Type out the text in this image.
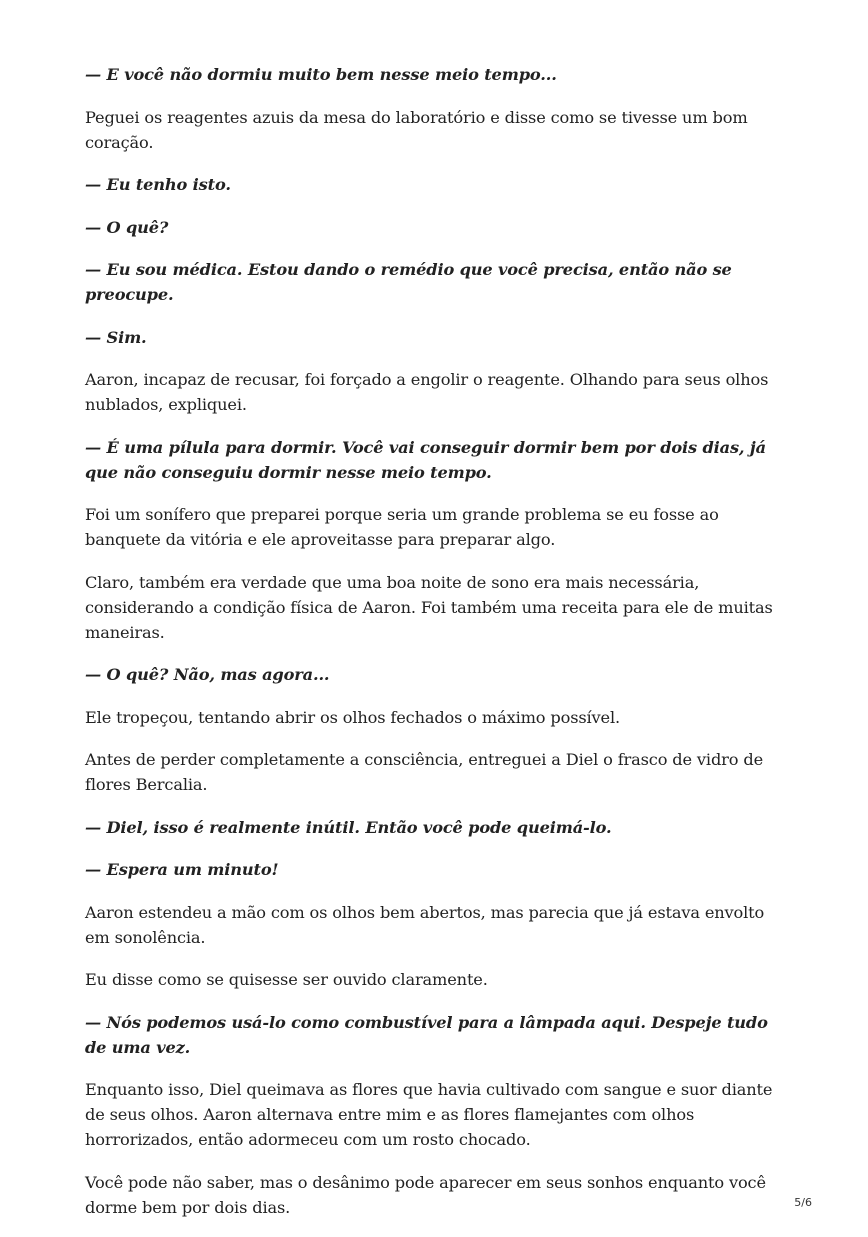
— E você não dormiu muito bem nesse meio tempo...

Peguei os reagentes azuis da mesa do laboratório e disse como se tivesse um bom coração.

— Eu tenho isto.

— O quê?

— Eu sou médica. Estou dando o remédio que você precisa, então não se preocupe.

— Sim.

Aaron, incapaz de recusar, foi forçado a engolir o reagente. Olhando para seus olhos nublados, expliquei.

— É uma pílula para dormir. Você vai conseguir dormir bem por dois dias, já que não conseguiu dormir nesse meio tempo.

Foi um sonífero que preparei porque seria um grande problema se eu fosse ao banquete da vitória e ele aproveitasse para preparar algo.

Claro, também era verdade que uma boa noite de sono era mais necessária, considerando a condição física de Aaron. Foi também uma receita para ele de muitas maneiras.

— O quê? Não, mas agora...

Ele tropeçou, tentando abrir os olhos fechados o máximo possível.

Antes de perder completamente a consciência, entreguei a Diel o frasco de vidro de flores Bercalia.

— Diel, isso é realmente inútil. Então você pode queimá-lo.

— Espera um minuto!

Aaron estendeu a mão com os olhos bem abertos, mas parecia que já estava envolto em sonolência.

Eu disse como se quisesse ser ouvido claramente.

— Nós podemos usá-lo como combustível para a lâmpada aqui. Despeje tudo de uma vez.

Enquanto isso, Diel queimava as flores que havia cultivado com sangue e suor diante de seus olhos. Aaron alternava entre mim e as flores flamejantes com olhos horrorizados, então adormeceu com um rosto chocado.

Você pode não saber, mas o desânimo pode aparecer em seus sonhos enquanto você dorme bem por dois dias.	5/6
